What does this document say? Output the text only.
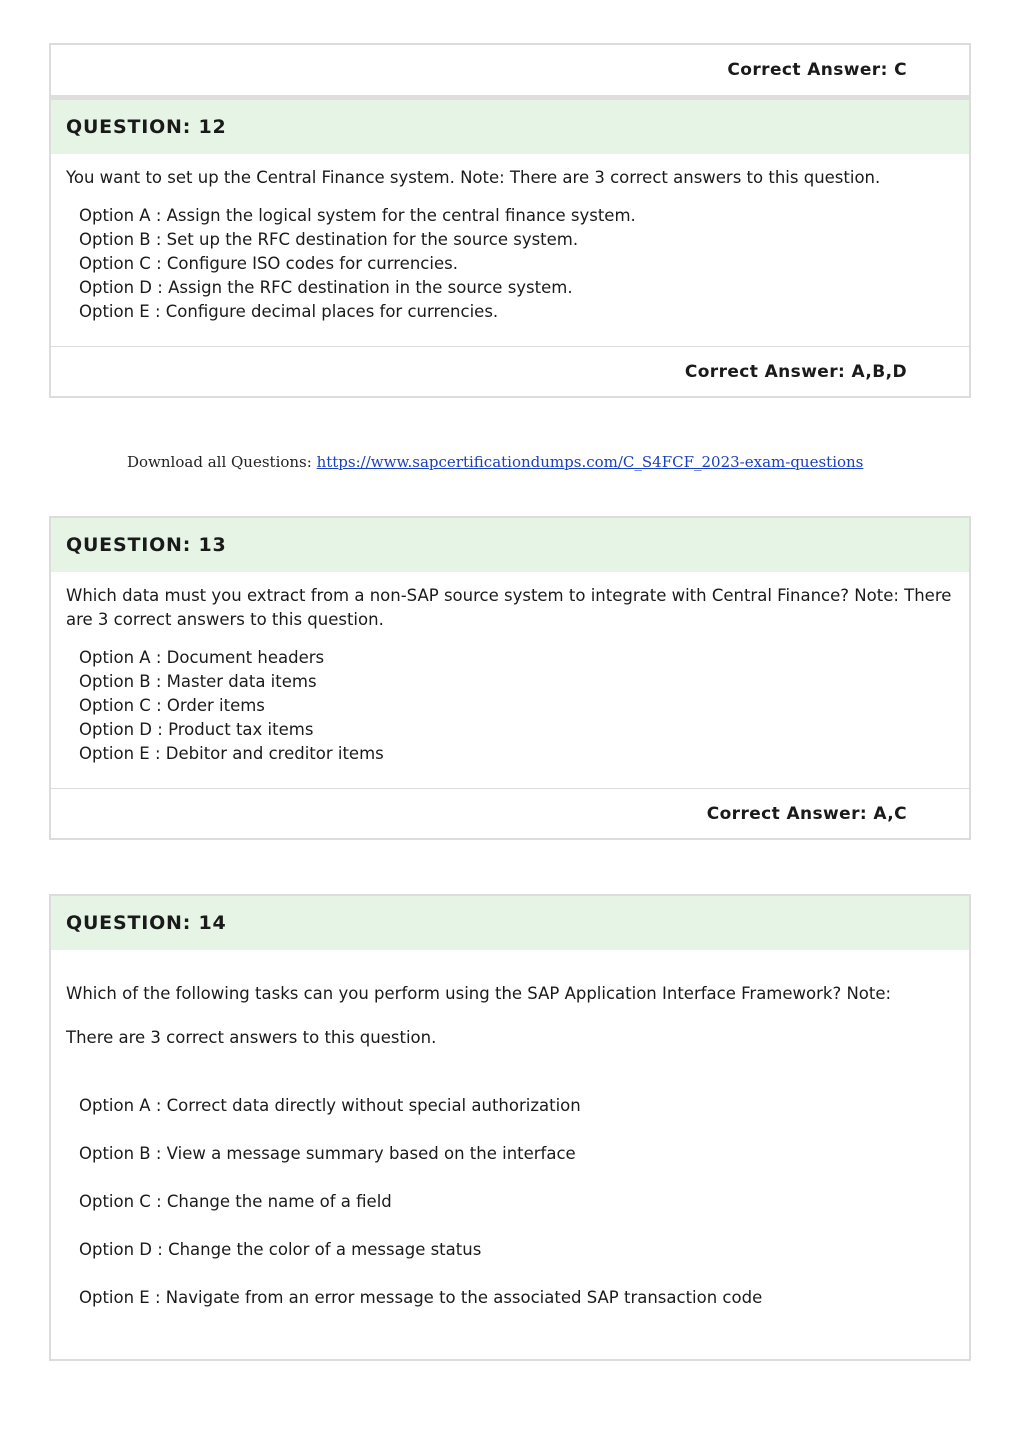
Correct Answer: C
QUESTION: 12
You want to set up the Central Finance system. Note: There are 3 correct answers to this question.
Option A : Assign the logical system for the central finance system.
Option B : Set up the RFC destination for the source system.
Option C : Configure ISO codes for currencies.
Option D : Assign the RFC destination in the source system.
Option E : Configure decimal places for currencies.
Correct Answer: A,B,D
Download all Questions: https://www.sapcertificationdumps.com/C_S4FCF_2023-exam-questions
QUESTION: 13
Which data must you extract from a non-SAP source system to integrate with Central Finance? Note: There are 3 correct answers to this question.
Option A : Document headers
Option B : Master data items
Option C : Order items
Option D : Product tax items
Option E : Debitor and creditor items
Correct Answer: A,C
QUESTION: 14

Which of the following tasks can you perform using the SAP Application Interface Framework? Note:

There are 3 correct answers to this question.

Option A : Correct data directly without special authorization
Option B : View a message summary based on the interface
Option C : Change the name of a field
Option D : Change the color of a message status
Option E : Navigate from an error message to the associated SAP transaction code
